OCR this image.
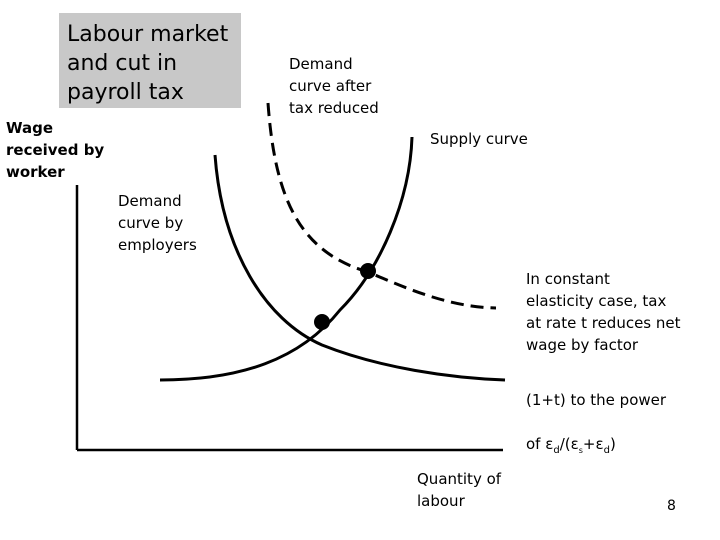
Labour market
and cut in
payroll tax
Wage
received by
worker
Demand
curve after
tax reduced
Supply curve
Demand
curve by
employers
Quantity of
labour
In constant
elasticity case, tax
at rate t reduces net
wage by factor

(1+t) to the power

of $\varepsilon_d/(\varepsilon_s+\varepsilon_d)$

8
